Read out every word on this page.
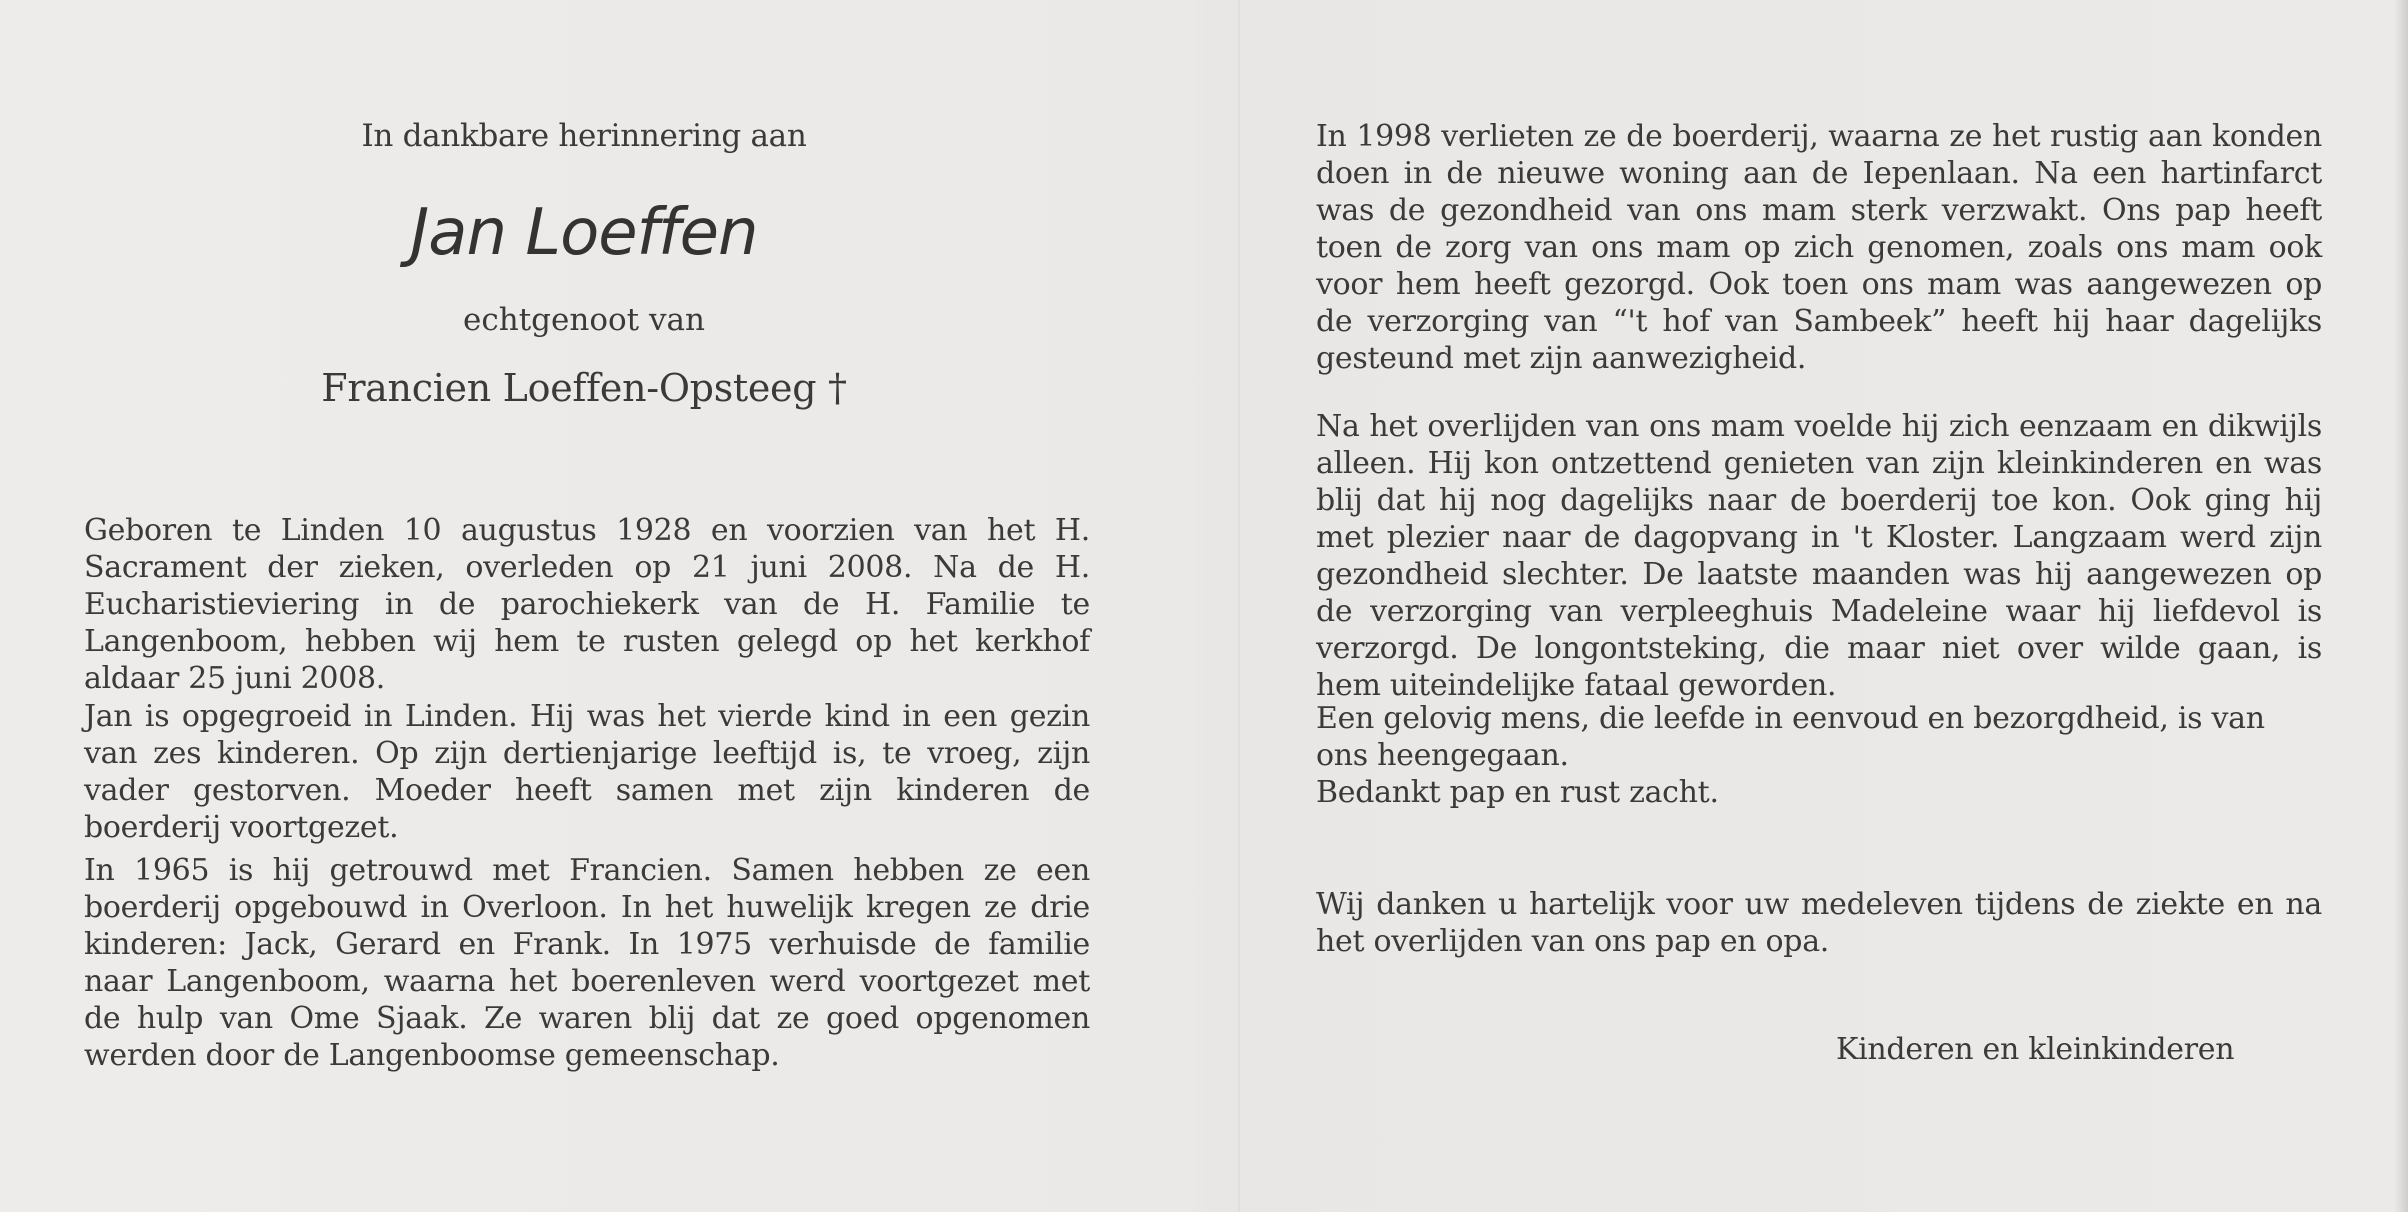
In dankbare herinnering aan
Jan Loeffen
echtgenoot van
Francien Loeffen-Opsteeg †

Geboren te Linden 10 augustus 1928 en voorzien van het H. Sacrament der zieken, overleden op 21 juni 2008. Na de H. Eucharistieviering in de parochiekerk van de H. Familie te Langenboom, hebben wij hem te rusten gelegd op het kerkhof aldaar 25 juni 2008.

Jan is opgegroeid in Linden. Hij was het vierde kind in een gezin van zes kinderen. Op zijn dertienjarige leeftijd is, te vroeg, zijn vader gestorven. Moeder heeft samen met zijn kinderen de boerderij voortgezet.

In 1965 is hij getrouwd met Francien. Samen hebben ze een boerderij opgebouwd in Overloon. In het huwelijk kregen ze drie kinderen: Jack, Gerard en Frank. In 1975 verhuisde de familie naar Langenboom, waarna het boerenleven werd voortgezet met de hulp van Ome Sjaak. Ze waren blij dat ze goed opgenomen werden door de Langenboomse gemeenschap.

In 1998 verlieten ze de boerderij, waarna ze het rustig aan konden doen in de nieuwe woning aan de Iepenlaan. Na een hartinfarct was de gezondheid van ons mam sterk verzwakt. Ons pap heeft toen de zorg van ons mam op zich genomen, zoals ons mam ook voor hem heeft gezorgd. Ook toen ons mam was aangewezen op de verzorging van “'t hof van Sambeek” heeft hij haar dagelijks gesteund met zijn aanwezigheid.

Na het overlijden van ons mam voelde hij zich eenzaam en dikwijls alleen. Hij kon ontzettend genieten van zijn kleinkinderen en was blij dat hij nog dagelijks naar de boerderij toe kon. Ook ging hij met plezier naar de dagopvang in 't Kloster. Langzaam werd zijn gezondheid slechter. De laatste maanden was hij aangewezen op de verzorging van verpleeghuis Madeleine waar hij liefdevol is verzorgd. De longontsteking, die maar niet over wilde gaan, is hem uiteindelijke fataal geworden.

Een gelovig mens, die leefde in eenvoud en bezorgdheid, is van ons heengegaan.

Bedankt pap en rust zacht.

Wij danken u hartelijk voor uw medeleven tijdens de ziekte en na het overlijden van ons pap en opa.

Kinderen en kleinkinderen
